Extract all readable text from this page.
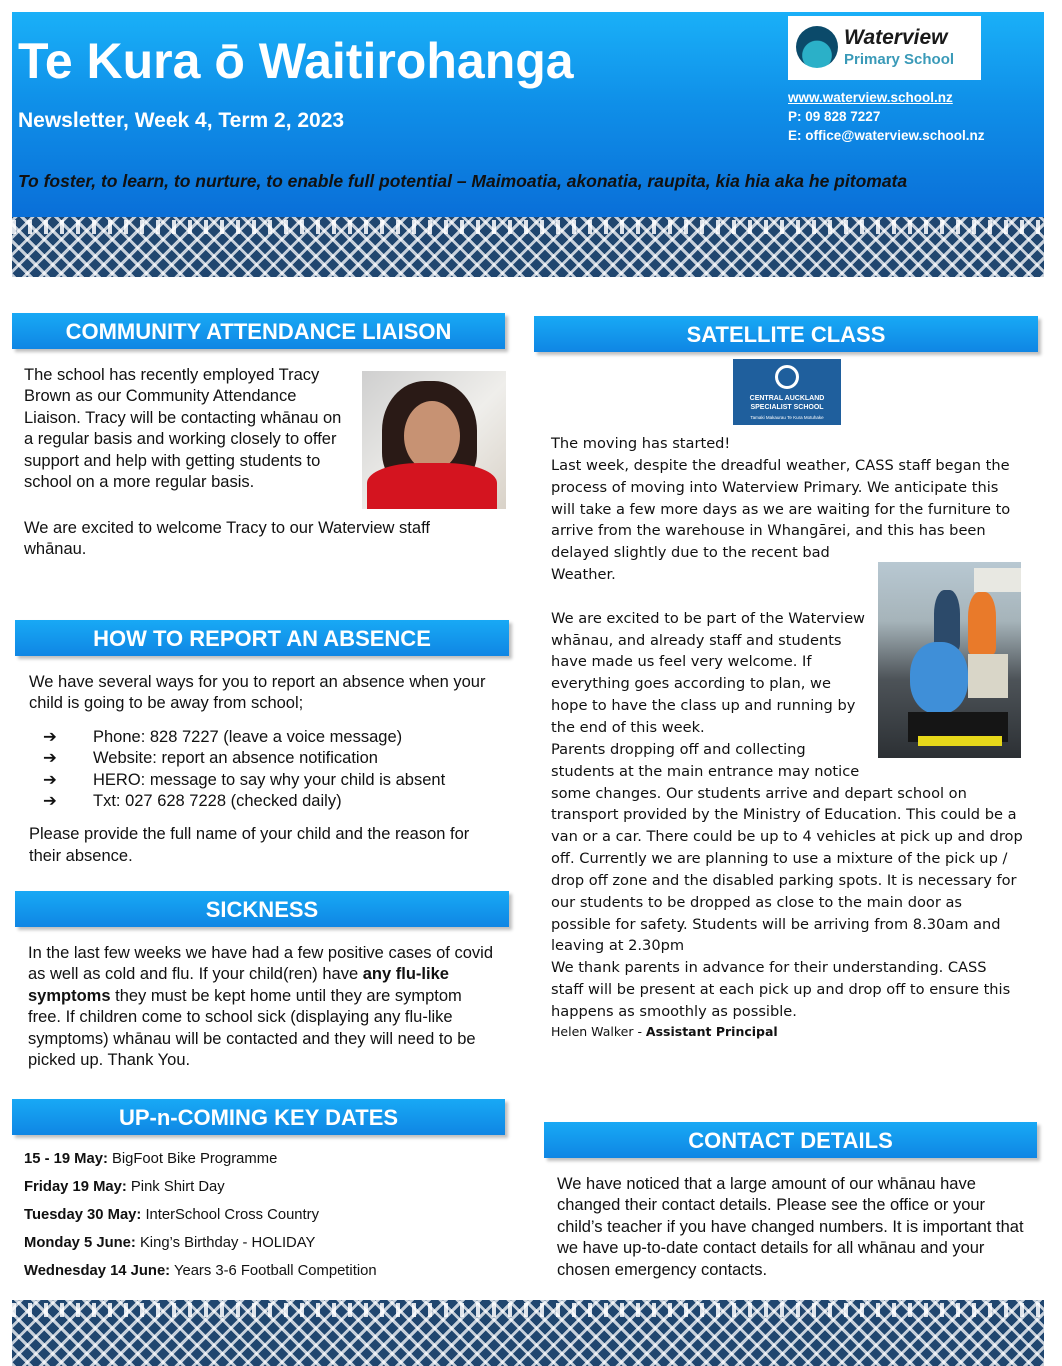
Te Kura ō Waitirohanga
Newsletter, Week 4, Term 2, 2023
Waterview
Primary School
www.waterview.school.nz
P: 09 828 7227
E: office@waterview.school.nz
To foster, to learn, to nurture, to enable full potential – Maimoatia, akonatia, raupita, kia hia aka he pitomata
COMMUNITY ATTENDANCE LIAISON
The school has recently employed Tracy Brown as our Community Attendance Liaison. Tracy will be contacting whānau on a regular basis and working closely to offer support and help with getting students to school on a more regular basis.
We are excited to welcome Tracy to our Waterview staff whānau.
HOW TO REPORT AN ABSENCE

We have several ways for you to report an absence when your child is going to be away from school;

➔ Phone: 828 7227 (leave a voice message)
➔ Website: report an absence notification
➔ HERO: message to say why your child is absent
➔ Txt: 027 628 7228 (checked daily)

Please provide the full name of your child and the reason for their absence.

SICKNESS
In the last few weeks we have had a few positive cases of covid as well as cold and flu. If your child(ren) have any flu-like symptoms they must be kept home until they are symptom free. If children come to school sick (displaying any flu-like symptoms) whānau will be contacted and they will need to be picked up. Thank You.
UP-n-COMING KEY DATES
15 - 19 May: BigFoot Bike Programme
Friday 19 May: Pink Shirt Day
Tuesday 30 May: InterSchool Cross Country
Monday 5 June: King’s Birthday - HOLIDAY
Wednesday 14 June: Years 3-6 Football Competition
SATELLITE CLASS
CENTRAL AUCKLAND
SPECIALIST SCHOOL
Tamaki Makaurau Te Kura Motuhake

The moving has started!

Last week, despite the dreadful weather, CASS staff began the

process of moving into Waterview Primary. We anticipate this

will take a few more days as we are waiting for the furniture to

arrive from the warehouse in Whangārei, and this has been

delayed slightly due to the recent bad

Weather.

We are excited to be part of the Waterview

whānau, and already staff and students

have made us feel very welcome. If

everything goes according to plan, we

hope to have the class up and running by

the end of this week.

Parents dropping off and collecting

students at the main entrance may notice

some changes. Our students arrive and depart school on

transport provided by the Ministry of Education. This could be a

van or a car. There could be up to 4 vehicles at pick up and drop

off. Currently we are planning to use a mixture of the pick up /

drop off zone and the disabled parking spots. It is necessary for

our students to be dropped as close to the main door as

possible for safety. Students will be arriving from 8.30am and

leaving at 2.30pm

We thank parents in advance for their understanding. CASS

staff will be present at each pick up and drop off to ensure this

happens as smoothly as possible.

Helen Walker - Assistant Principal

CONTACT DETAILS
We have noticed that a large amount of our whānau have changed their contact details. Please see the office or your child’s teacher if you have changed numbers. It is important that we have up-to-date contact details for all whānau and your chosen emergency contacts.
